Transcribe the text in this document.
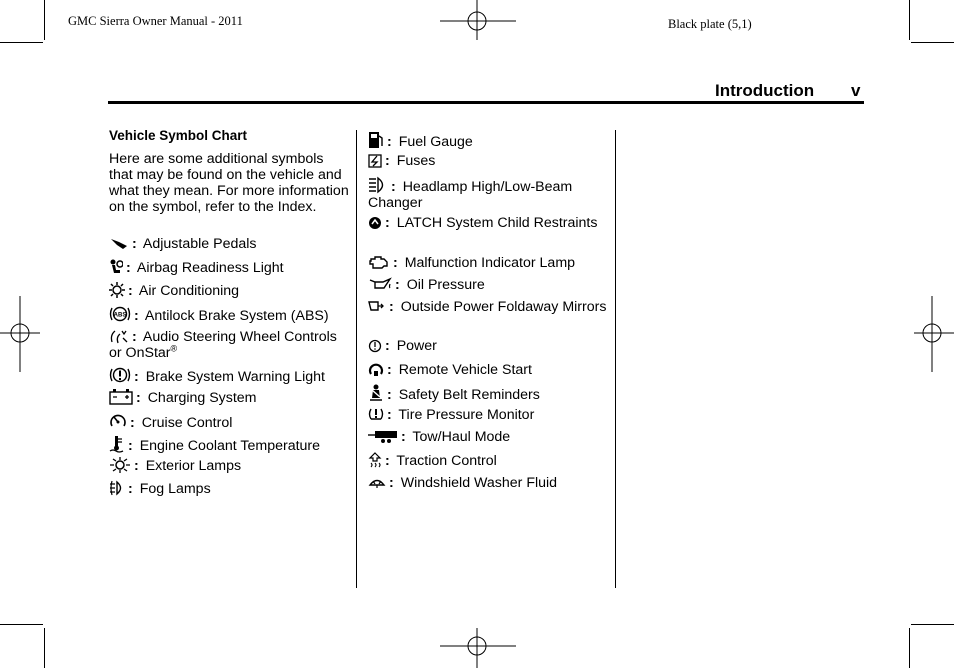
GMC Sierra Owner Manual - 2011	Black plate (5,1)
Introduction v
Vehicle Symbol Chart
Here are some additional symbols that may be found on the vehicle and what they mean. For more information on the symbol, refer to the Index.
: Adjustable Pedals
: Airbag Readiness Light
: Air Conditioning
ABS : Antilock Brake System (ABS)
: Audio Steering Wheel Controls or OnStar®
: Brake System Warning Light
: Charging System
: Cruise Control
: Engine Coolant Temperature
: Exterior Lamps
: Fog Lamps
: Fuel Gauge
: Fuses
: Headlamp High/Low-Beam Changer
: LATCH System Child Restraints
: Malfunction Indicator Lamp
: Oil Pressure
: Outside Power Foldaway Mirrors
: Power
: Remote Vehicle Start
: Safety Belt Reminders
: Tire Pressure Monitor
: Tow/Haul Mode
: Traction Control
: Windshield Washer Fluid
